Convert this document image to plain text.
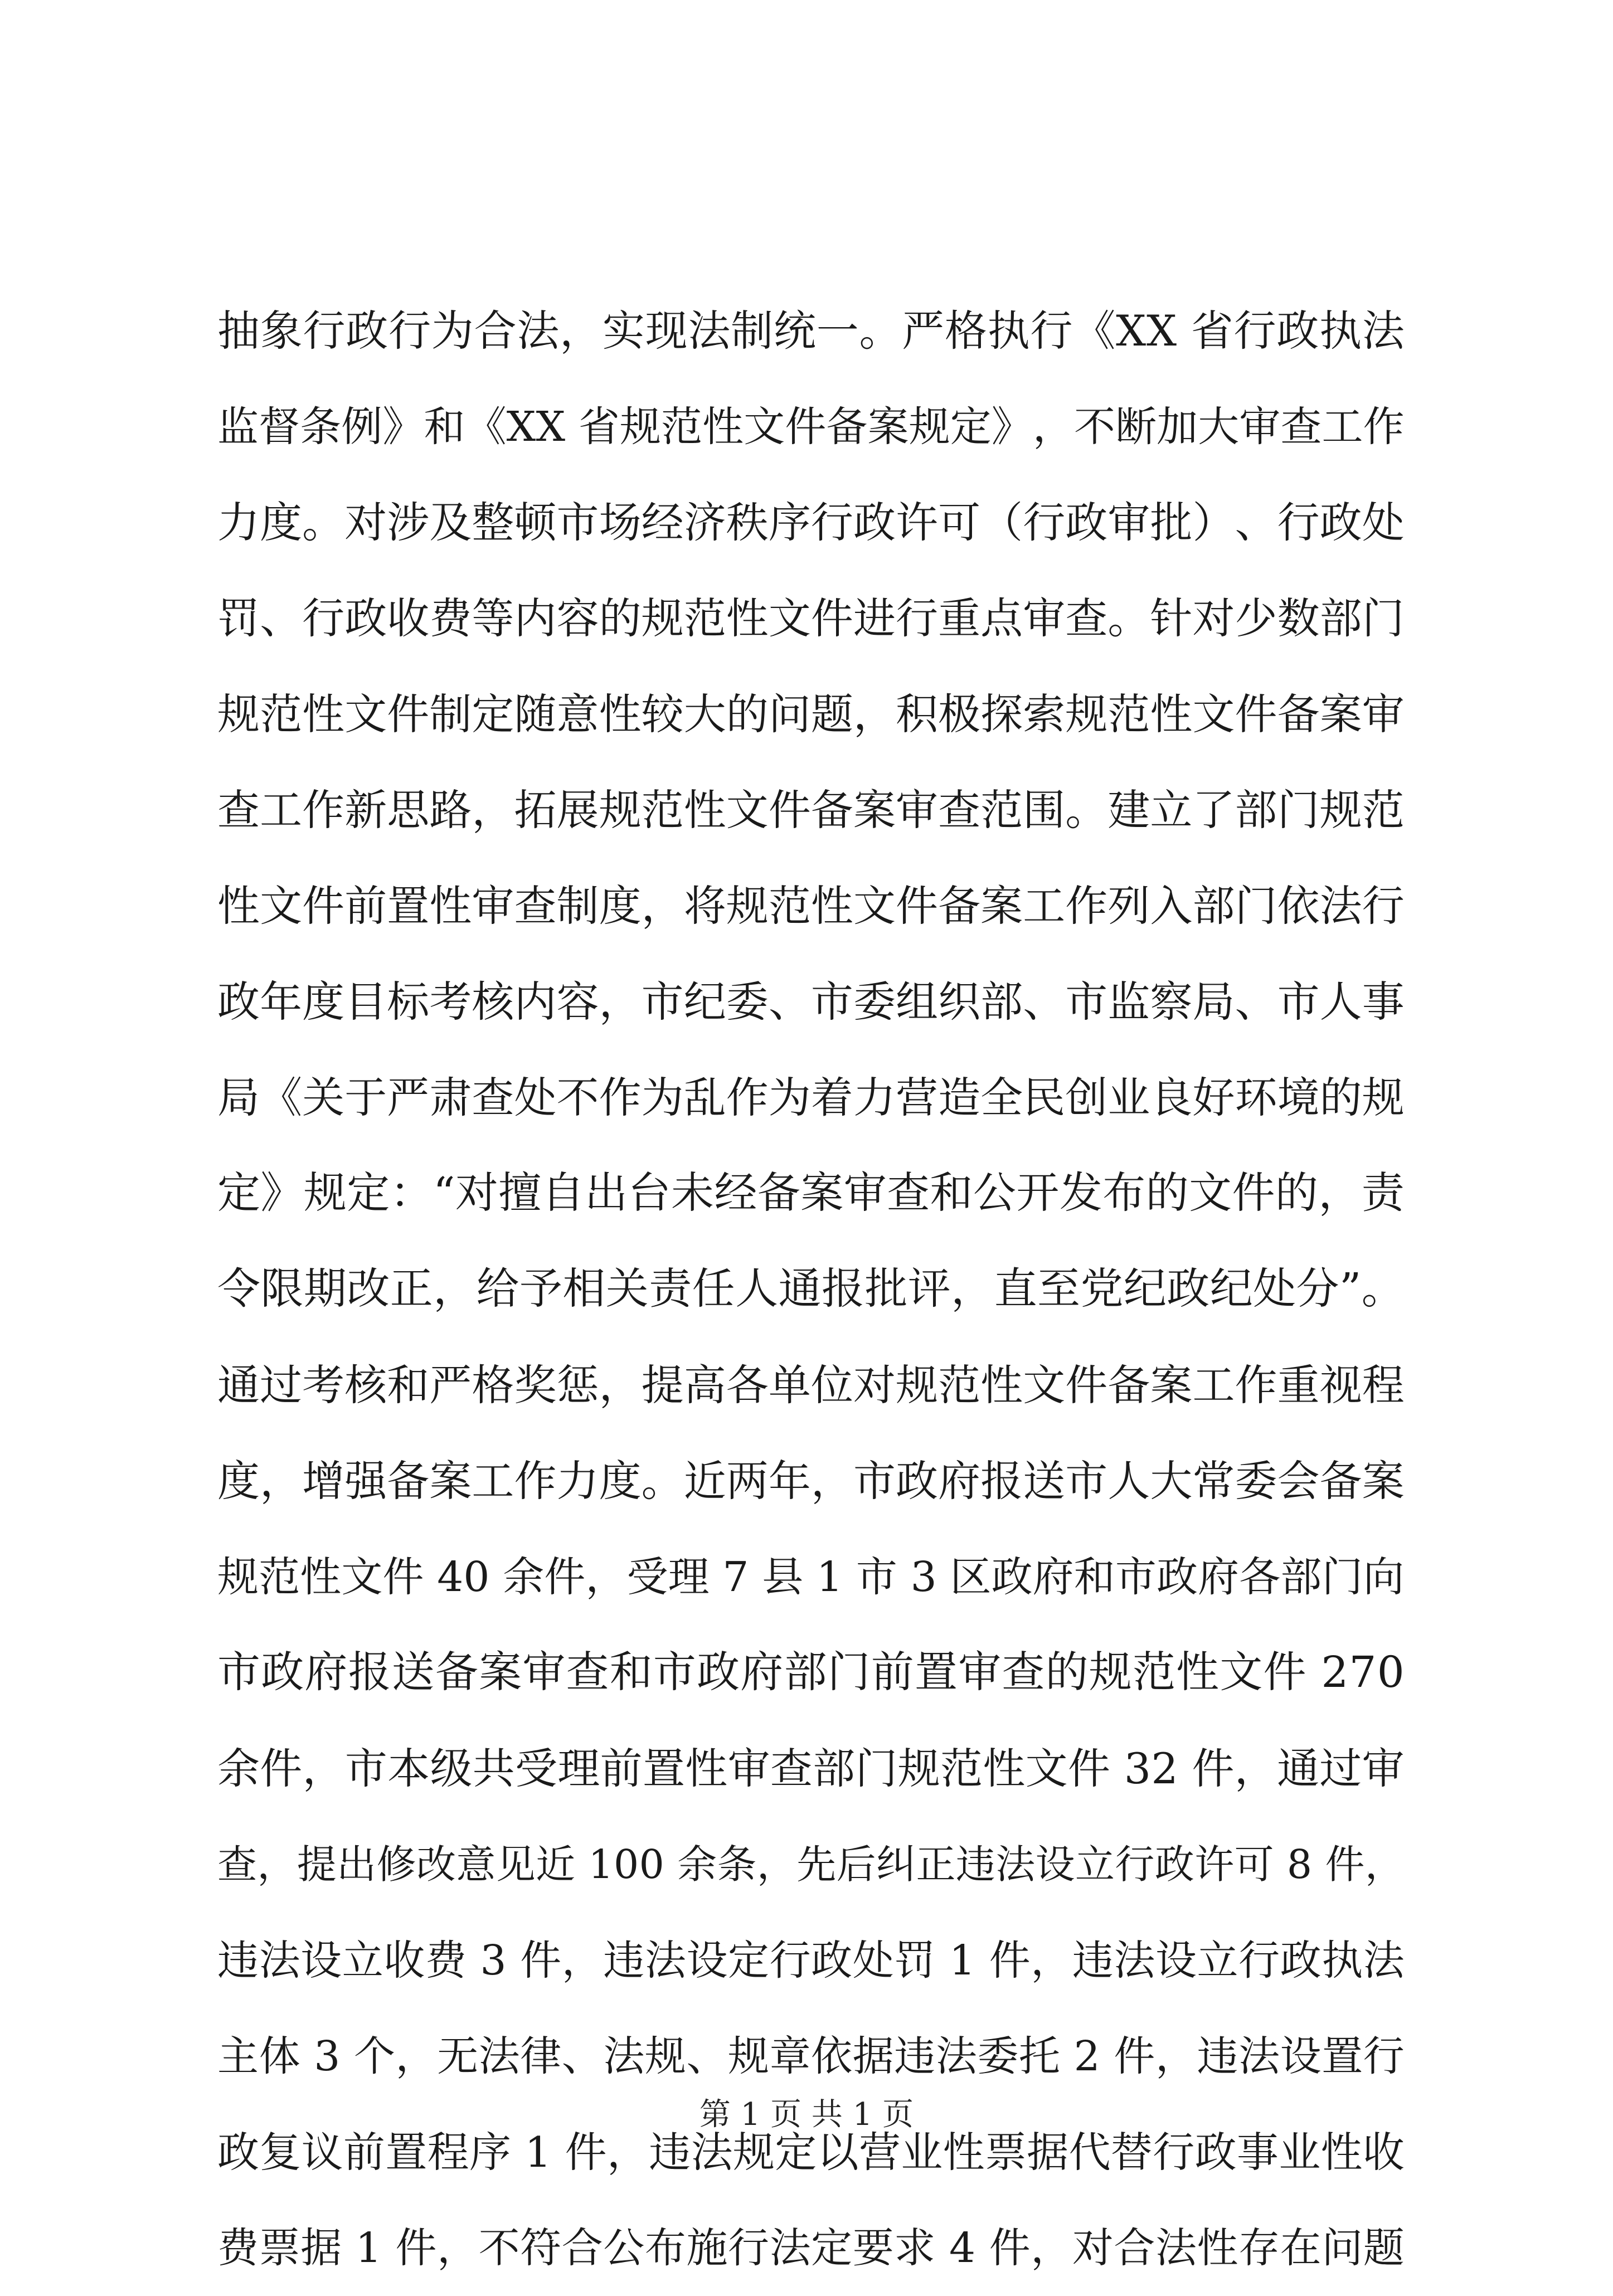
抽 象 行 政 行 为 合 法 ， 实 现 法 制 统 一 。 严 格 执 行 《 X X
省 行 政 执 法
监 督 条 例 》 和 《 X X
省 规 范 性 文 件 备 案 规 定 》 ， 不 断 加 大 审 查 工 作
力 度 。 对 涉 及 整 顿 市 场 经 济 秩 序 行 政 许 可 （ 行 政 审 批 ） 、 行 政 处
罚 、 行 政 收 费 等 内 容 的 规 范 性 文 件 进 行 重 点 审 查 。 针 对 少 数 部 门
规 范 性 文 件 制 定 随 意 性 较 大 的 问 题 ， 积 极 探 索 规 范 性 文 件 备 案 审
查 工 作 新 思 路 ， 拓 展 规 范 性 文 件 备 案 审 查 范 围 。 建 立 了 部 门 规 范
性 文 件 前 置 性 审 查 制 度 ， 将 规 范 性 文 件 备 案 工 作 列 入 部 门 依 法 行
政 年 度 目 标 考 核 内 容 ， 市 纪 委 、 市 委 组 织 部 、 市 监 察 局 、 市 人 事
局 《 关 于 严 肃 查 处 不 作 为 乱 作 为 着 力 营 造 全 民 创 业 良 好 环 境 的 规
定 》 规 定 ： “ 对 擅 自 出 台 未 经 备 案 审 查 和 公 开 发 布 的 文 件 的 ， 责
令 限 期 改 正 ， 给 予 相 关 责 任 人 通 报 批 评 ， 直 至 党 纪 政 纪 处 分 ” 。
通 过 考 核 和 严 格 奖 惩 ， 提 高 各 单 位 对 规 范 性 文 件 备 案 工 作 重 视 程
度 ， 增 强 备 案 工 作 力 度 。 近 两 年 ， 市 政 府 报 送 市 人 大 常 委 会 备 案
规 范 性 文 件
4 0
余 件 ， 受 理
7
县
1
市
3
区 政 府 和 市 政 府 各 部 门 向
市 政 府 报 送 备 案 审 查 和 市 政 府 部 门 前 置 审 查 的 规 范 性 文 件
2 7 0
余 件 ， 市 本 级 共 受 理 前 置 性 审 查 部 门 规 范 性 文 件
3 2
件 ， 通 过 审
查 ， 提 出 修 改 意 见 近
1 0 0
余 条 ， 先 后 纠 正 违 法 设 立 行 政 许 可
8
件 ，
违 法 设 立 收 费
3
件 ， 违 法 设 定 行 政 处 罚
1
件 ， 违 法 设 立 行 政 执 法
主 体
3
个 ， 无 法 律 、 法 规 、 规 章 依 据 违 法 委 托
2
件 ， 违 法 设 置 行
政 复 议 前 置 程 序
1
件 ， 违 法 规 定 以 营 业 性 票 据 代 替 行 政 事 业 性 收
费 票 据
1
件 ， 不 符 合 公 布 施 行 法 定 要 求
4
件 ， 对 合 法 性 存 在 问 题
第 1 页 共 1 页
